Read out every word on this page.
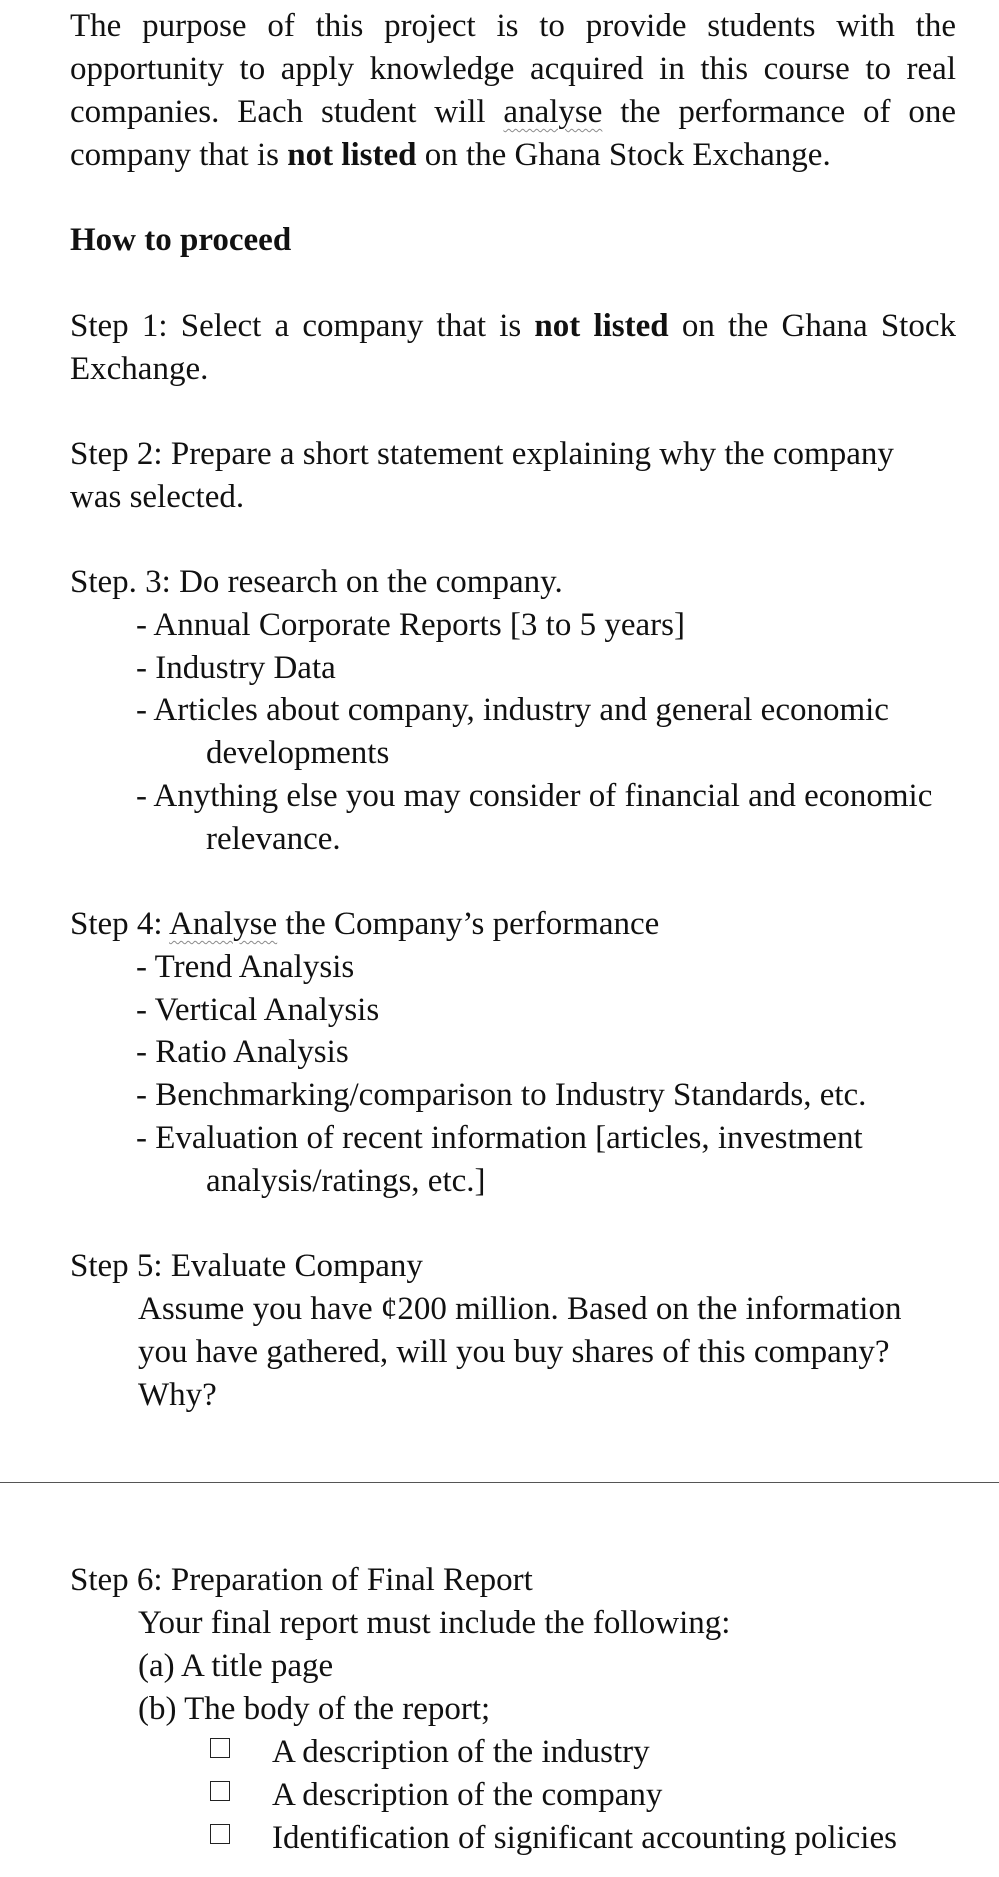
The purpose of this project is to provide students with the
opportunity to apply knowledge acquired in this course to real
companies. Each student will analyse the performance of one
company that is not listed on the Ghana Stock Exchange.
How to proceed
Step 1: Select a company that is not listed on the Ghana Stock
Exchange.
Step 2: Prepare a short statement explaining why the company
was selected.
Step. 3: Do research on the company.
- Annual Corporate Reports [3 to 5 years]
- Industry Data
- Articles about company, industry and general economic
developments
- Anything else you may consider of financial and economic
relevance.
Step 4: Analyse the Company’s performance
- Trend Analysis
- Vertical Analysis
- Ratio Analysis
- Benchmarking/comparison to Industry Standards, etc.
- Evaluation of recent information [articles, investment
analysis/ratings, etc.]
Step 5: Evaluate Company
Assume you have ¢200 million. Based on the information
you have gathered, will you buy shares of this company?
Why?
Step 6: Preparation of Final Report
Your final report must include the following:
(a) A title page
(b) The body of the report;
A description of the industry
A description of the company
Identification of significant accounting policies
